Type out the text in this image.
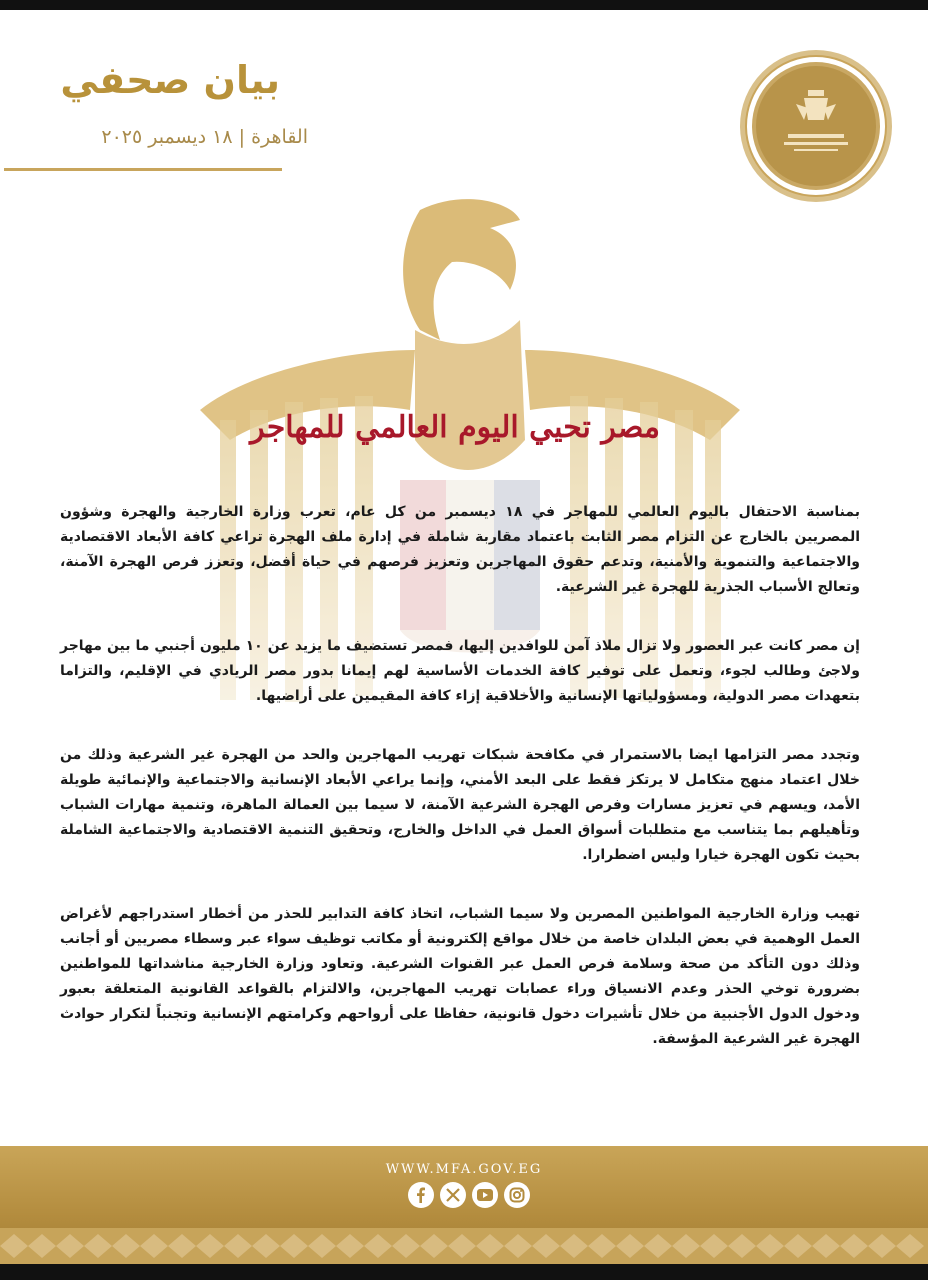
بيان صحفي
القاهرة | ١٨ ديسمبر ٢٠٢٥
مصر تحيي اليوم العالمي للمهاجر

بمناسبة الاحتفال باليوم العالمي للمهاجر في ١٨ ديسمبر من كل عام، تعرب وزارة الخارجية والهجرة وشؤون المصريين بالخارج عن التزام مصر الثابت باعتماد مقاربة شاملة في إدارة ملف الهجرة تراعي كافة الأبعاد الاقتصادية والاجتماعية والتنموية والأمنية، وتدعم حقوق المهاجرين وتعزيز فرصهم في حياة أفضل، وتعزز فرص الهجرة الآمنة، وتعالج الأسباب الجذرية للهجرة غير الشرعية.

إن مصر كانت عبر العصور ولا تزال ملاذ آمن للوافدين إليها، فمصر تستضيف ما يزيد عن ١٠ مليون أجنبي ما بين مهاجر ولاجئ وطالب لجوء، وتعمل على توفير كافة الخدمات الأساسية لهم إيمانا بدور مصر الريادي في الإقليم، والتزاما بتعهدات مصر الدولية، ومسؤولياتها الإنسانية والأخلاقية إزاء كافة المقيمين على أراضيها.

وتجدد مصر التزامها ايضا بالاستمرار في مكافحة شبكات تهريب المهاجرين والحد من الهجرة غير الشرعية وذلك من خلال اعتماد منهج متكامل لا يرتكز فقط على البعد الأمني، وإنما يراعي الأبعاد الإنسانية والاجتماعية والإنمائية طويلة الأمد، ويسهم في تعزيز مسارات وفرص الهجرة الشرعية الآمنة، لا سيما بين العمالة الماهرة، وتنمية مهارات الشباب وتأهيلهم بما يتناسب مع متطلبات أسواق العمل في الداخل والخارج، وتحقيق التنمية الاقتصادية والاجتماعية الشاملة بحيث تكون الهجرة خيارا وليس اضطرارا.

تهيب وزارة الخارجية المواطنين المصرين ولا سيما الشباب، اتخاذ كافة التدابير للحذر من أخطار استدراجهم لأغراض العمل الوهمية في بعض البلدان خاصة من خلال مواقع إلكترونية أو مكاتب توظيف سواء عبر وسطاء مصريين أو أجانب وذلك دون التأكد من صحة وسلامة فرص العمل عبر القنوات الشرعية. وتعاود وزارة الخارجية مناشداتها للمواطنين بضرورة توخي الحذر وعدم الانسياق وراء عصابات تهريب المهاجرين، والالتزام بالقواعد القانونية المتعلقة بعبور ودخول الدول الأجنبية من خلال تأشيرات دخول قانونية، حفاظا على أرواحهم وكرامتهم الإنسانية وتجنباً لتكرار حوادث الهجرة غير الشرعية المؤسفة.

WWW.MFA.GOV.EG
